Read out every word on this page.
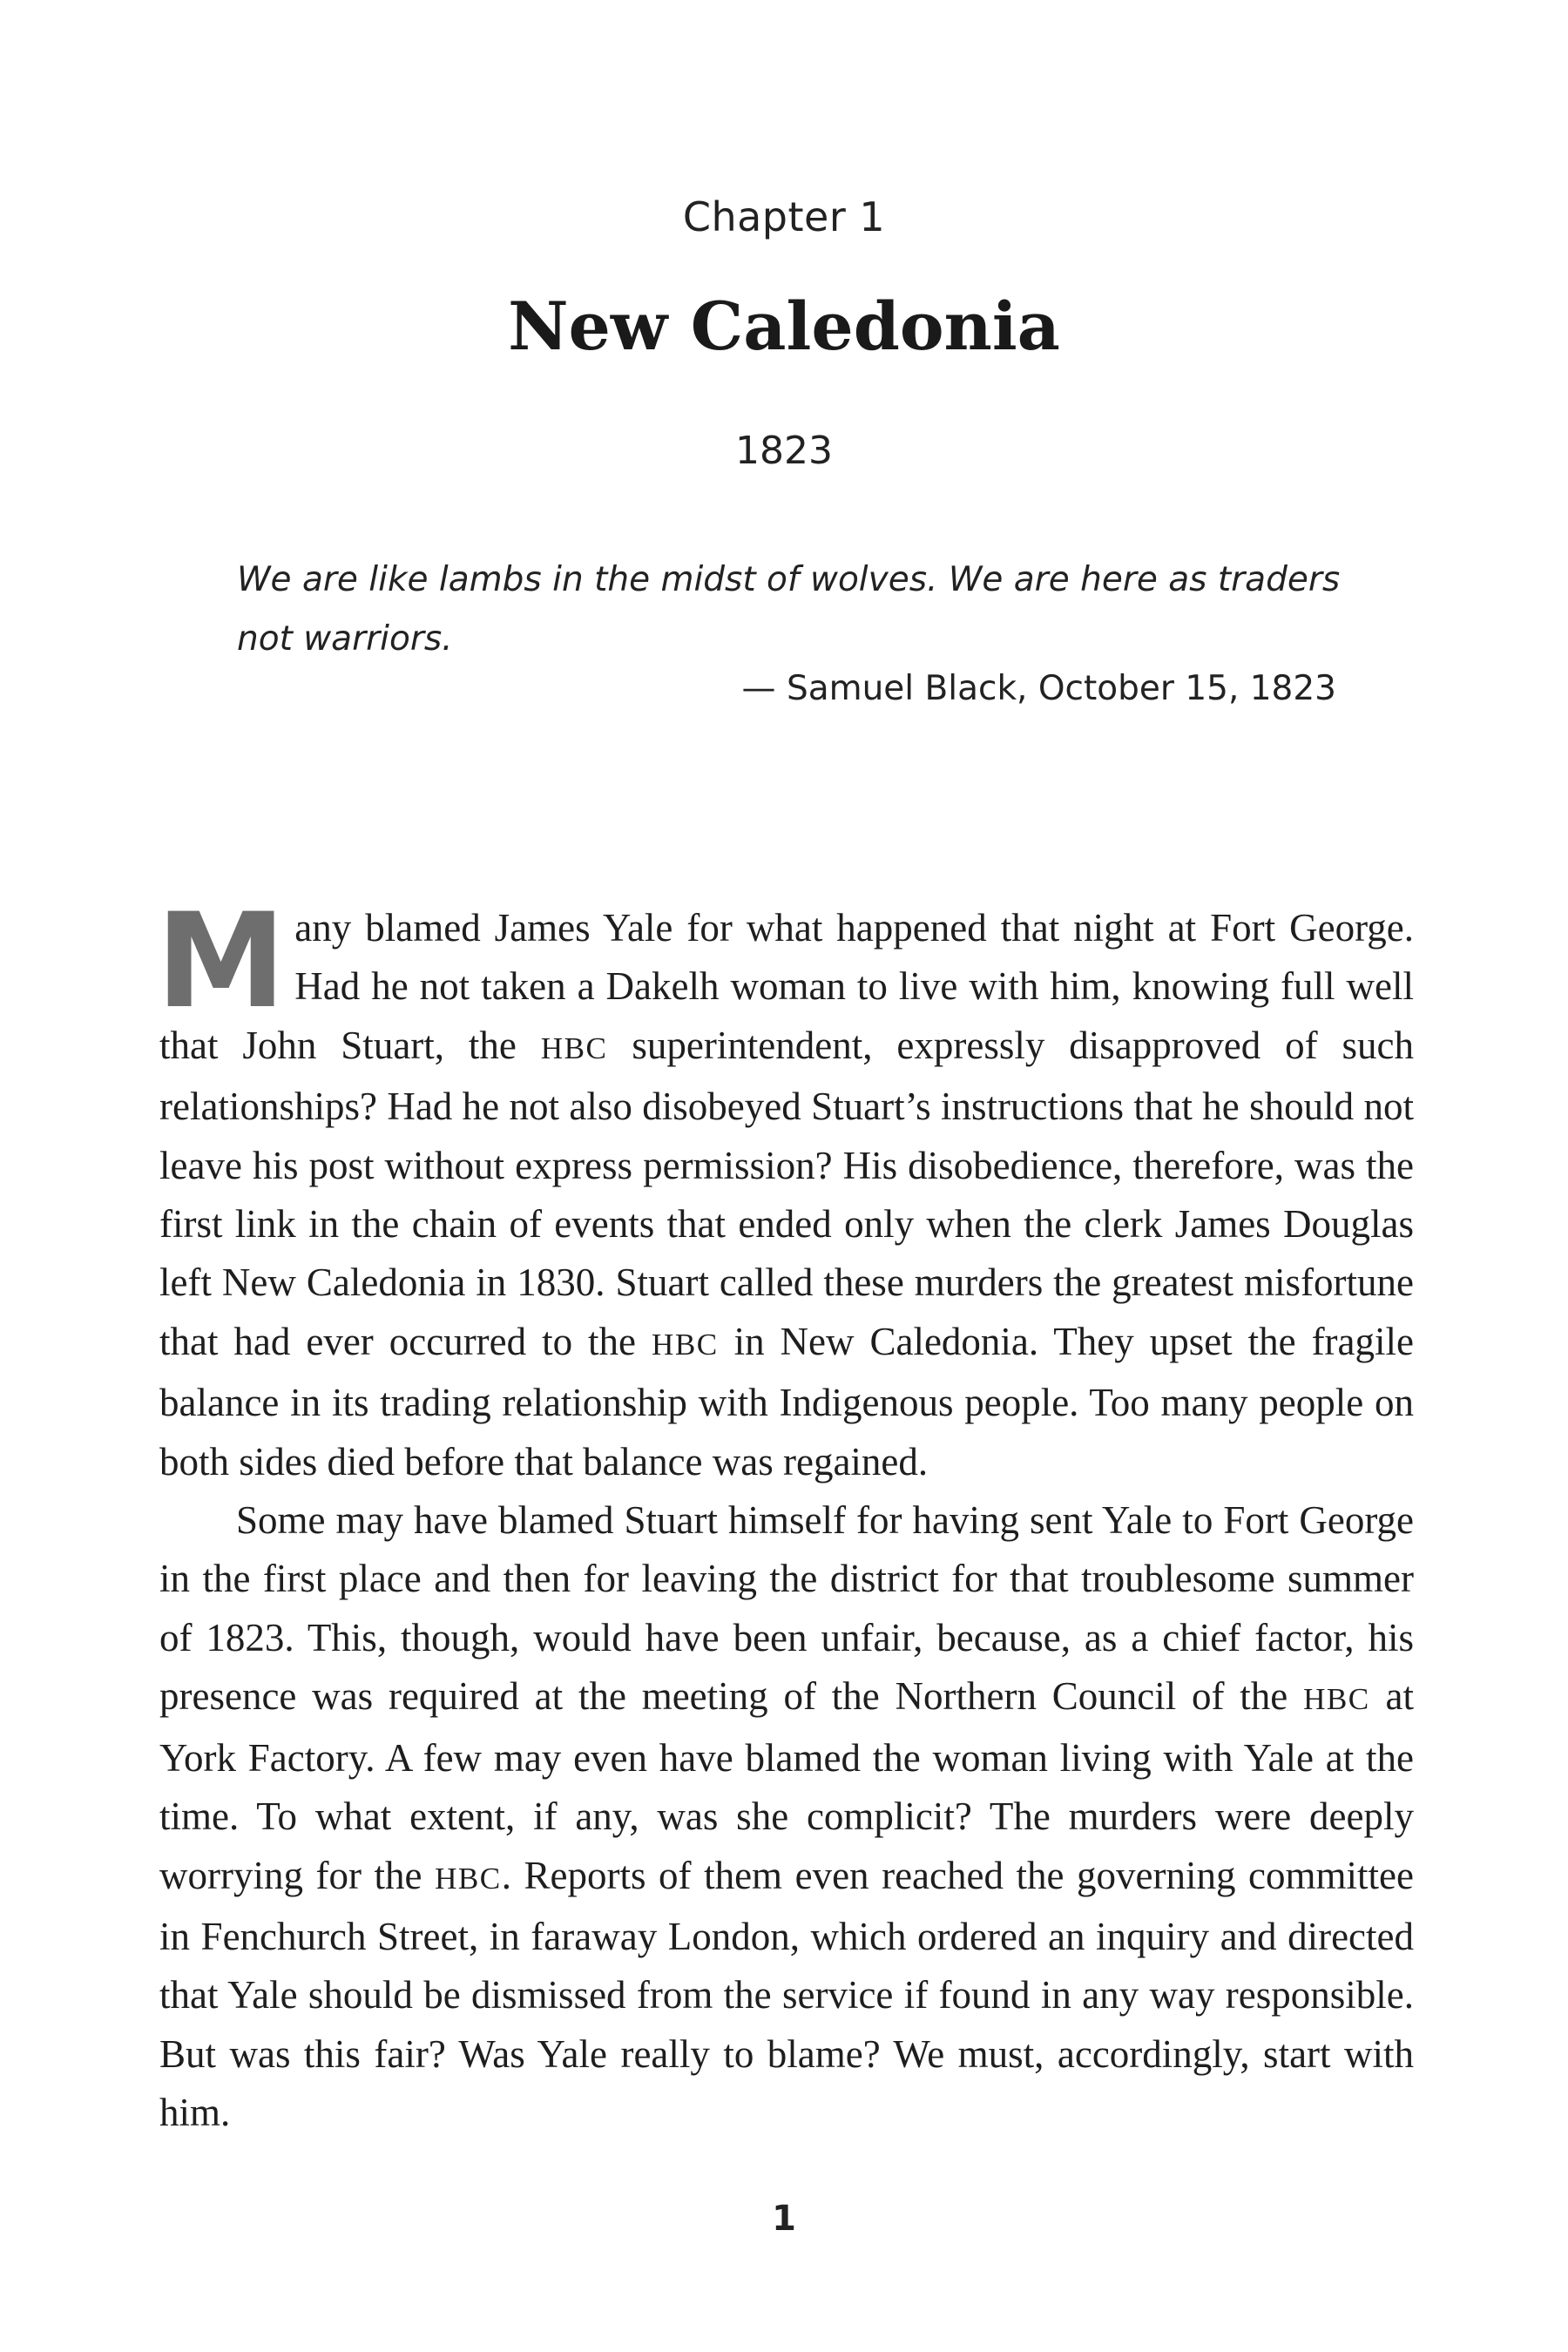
Chapter 1
New Caledonia
1823
We are like lambs in the midst of wolves. We are here as traders not warriors.
— Samuel Black, October 15, 1823

Many blamed James Yale for what happened that night at Fort George. Had he not taken a Dakelh woman to live with him, knowing full well that John Stuart, the HBC superintendent, expressly disapproved of such relationships? Had he not also disobeyed Stuart’s instructions that he should not leave his post without express permission? His disobedience, therefore, was the first link in the chain of events that ended only when the clerk James Douglas left New Caledonia in 1830. Stuart called these murders the greatest misfortune that had ever occurred to the HBC in New Caledonia. They upset the fragile balance in its trading relationship with Indigenous people. Too many people on both sides died before that balance was regained.

Some may have blamed Stuart himself for having sent Yale to Fort George in the first place and then for leaving the district for that troublesome summer of 1823. This, though, would have been unfair, because, as a chief factor, his presence was required at the meeting of the Northern Council of the HBC at York Factory. A few may even have blamed the woman living with Yale at the time. To what extent, if any, was she complicit? The murders were deeply worrying for the HBC. Reports of them even reached the governing committee in Fenchurch Street, in faraway London, which ordered an inquiry and directed that Yale should be dismissed from the service if found in any way responsible. But was this fair? Was Yale really to blame? We must, accordingly, start with him.

1
